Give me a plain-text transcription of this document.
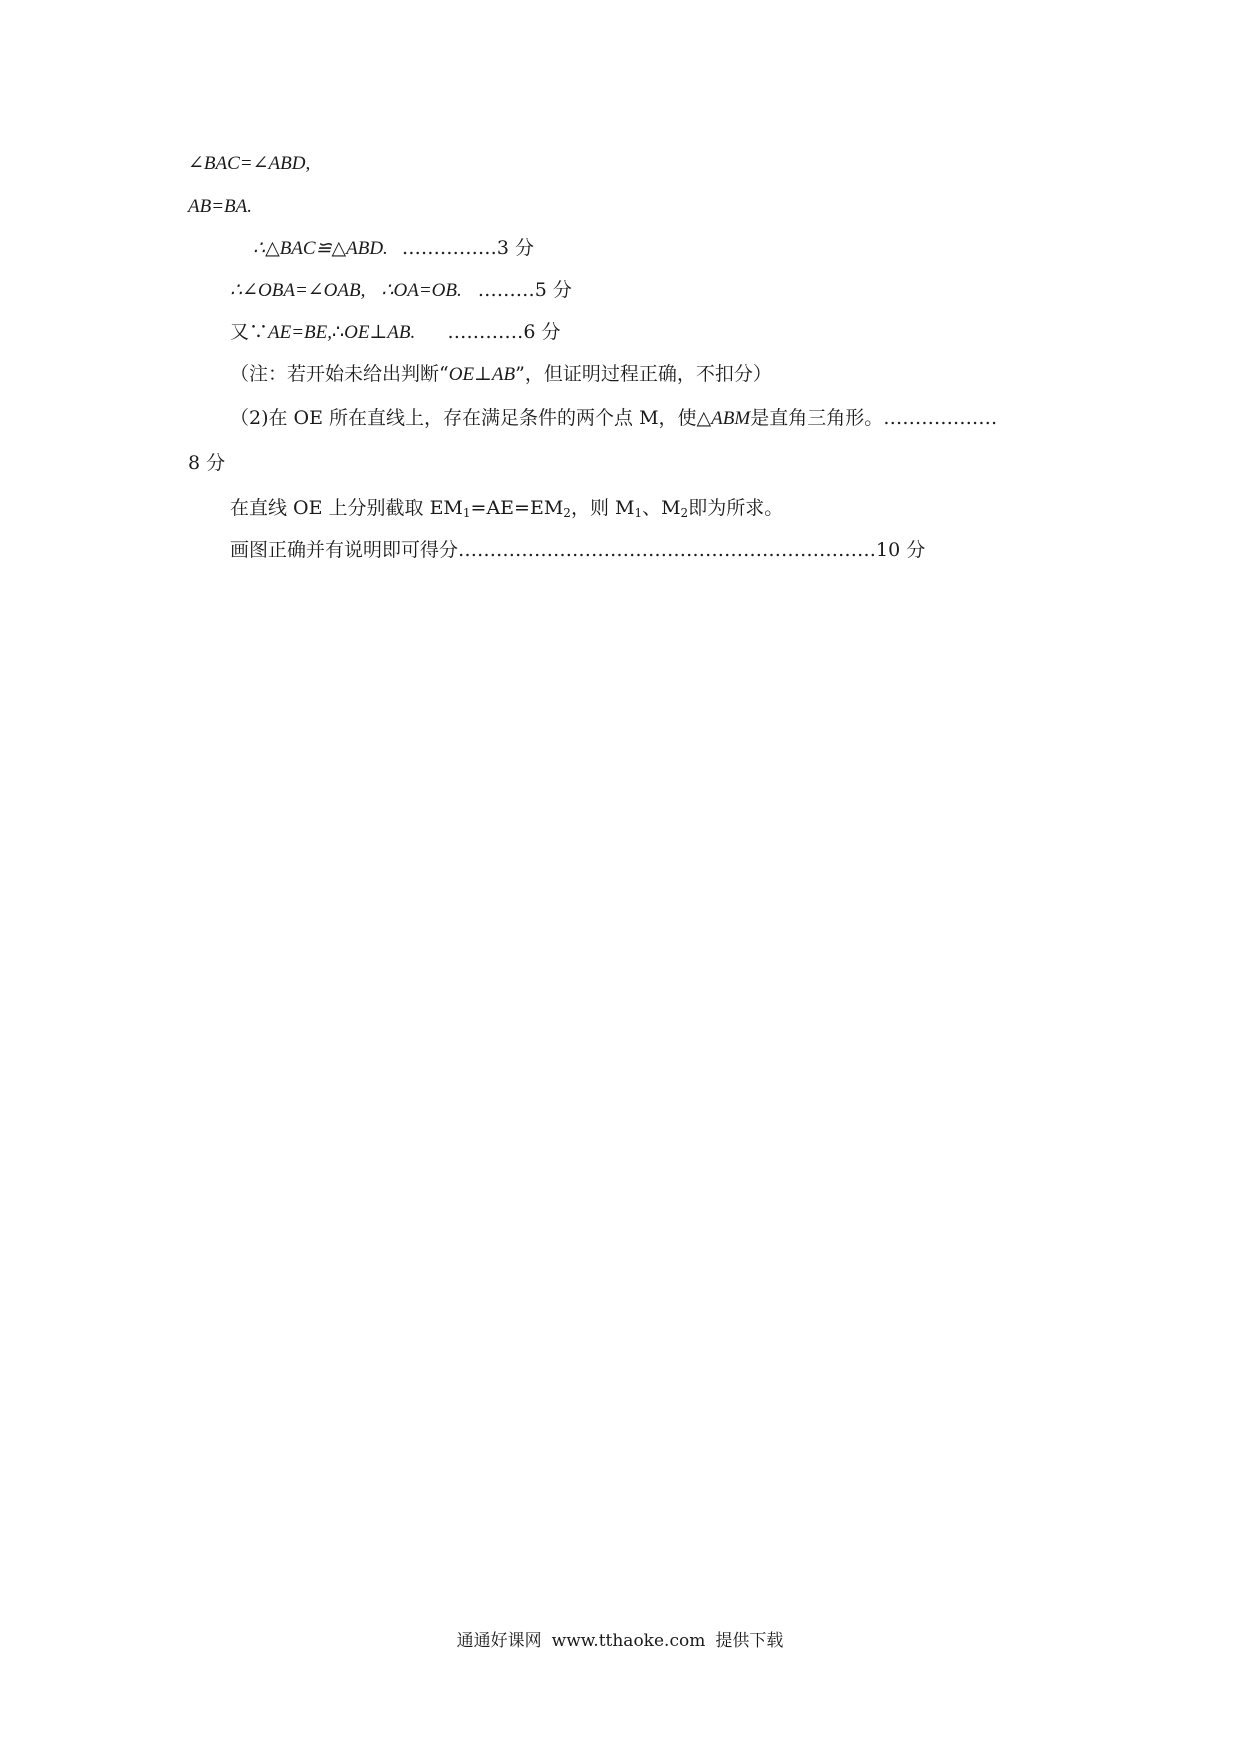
∠BAC=∠ABD,
AB=BA.
∴△BAC≌△ABD. ……………3 分
∴∠OBA=∠OAB, ∴OA=OB. ………5 分
又∵AE=BE,∴OE⊥AB. …………6 分
（注：若开始未给出判断“OE⊥AB”，但证明过程正确，不扣分）
（2)在 OE 所在直线上，存在满足条件的两个点 M，使△ABM是直角三角形。………………
8 分
在直线 OE 上分别截取 $EM_1=AE=EM_2$，则 $M_1$、$M_2$即为所求。
画图正确并有说明即可得分…………………………………………………………10 分
通通好课网 www.tthaoke.com 提供下载
